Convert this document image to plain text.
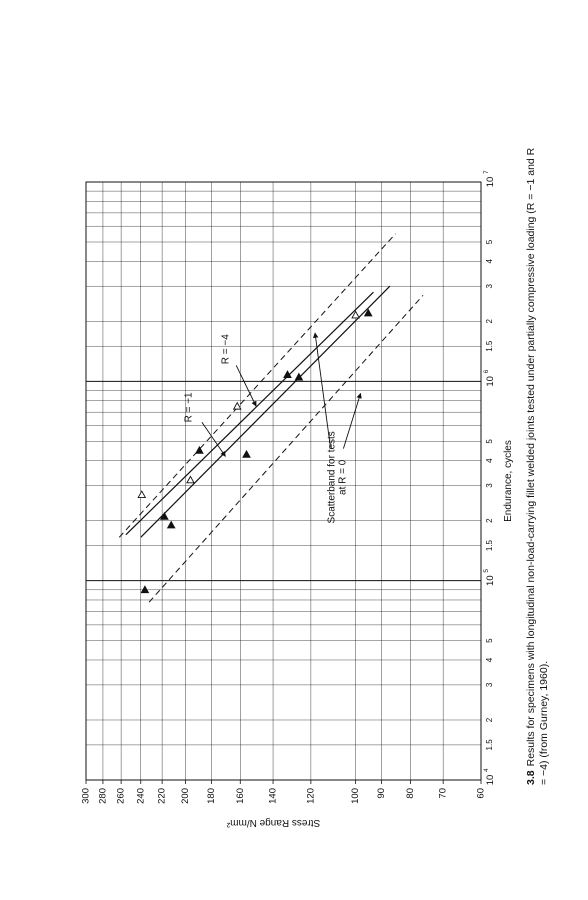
R = −1
R = −4
Scatterband for tests at R = 0
300 280 260 240 220 200 180 160 140	120	100 90 80 70	60
10
4
10
5
10
6
10
7
1.5
2
3
4
5
1.5
2
3
4
5
1.5
2
3
4
5
Endurance, cycles
Stress Range N/mm²
3.8Results for specimens with longitudinal non-load-carrying fillet welded joints tested under partially compressive loading (R = −1 and R = −4) (from Gurney, 1960).
